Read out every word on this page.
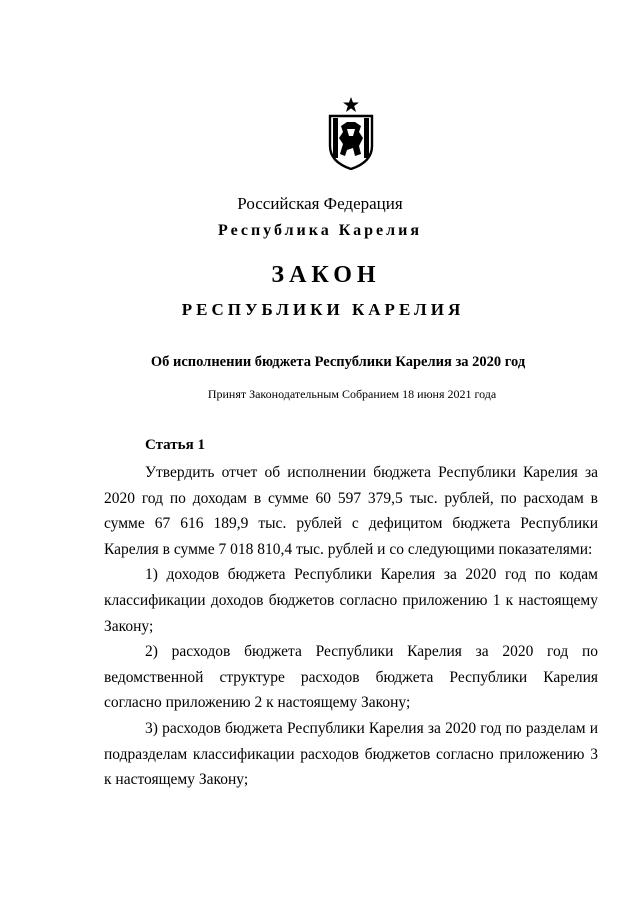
Российская Федерация
Республика Карелия
ЗАКОН
РЕСПУБЛИКИ КАРЕЛИЯ
Об исполнении бюджета Республики Карелия за 2020 год
Принят Законодательным Собранием 18 июня 2021 года
Статья 1

Утвердить отчет об исполнении бюджета Республики Карелия за 2020 год по доходам в сумме 60 597 379,5 тыс. рублей, по расходам в сумме 67 616 189,9 тыс. рублей с дефицитом бюджета Республики Карелия в сумме 7 018 810,4 тыс. рублей и со следующими показателями:

1) доходов бюджета Республики Карелия за 2020 год по кодам классификации доходов бюджетов согласно приложению 1 к настоящему Закону;

2) расходов бюджета Республики Карелия за 2020 год по ведомственной структуре расходов бюджета Республики Карелия согласно приложению 2 к настоящему Закону;

3) расходов бюджета Республики Карелия за 2020 год по разделам и подразделам классификации расходов бюджетов согласно приложению 3 к настоящему Закону;
